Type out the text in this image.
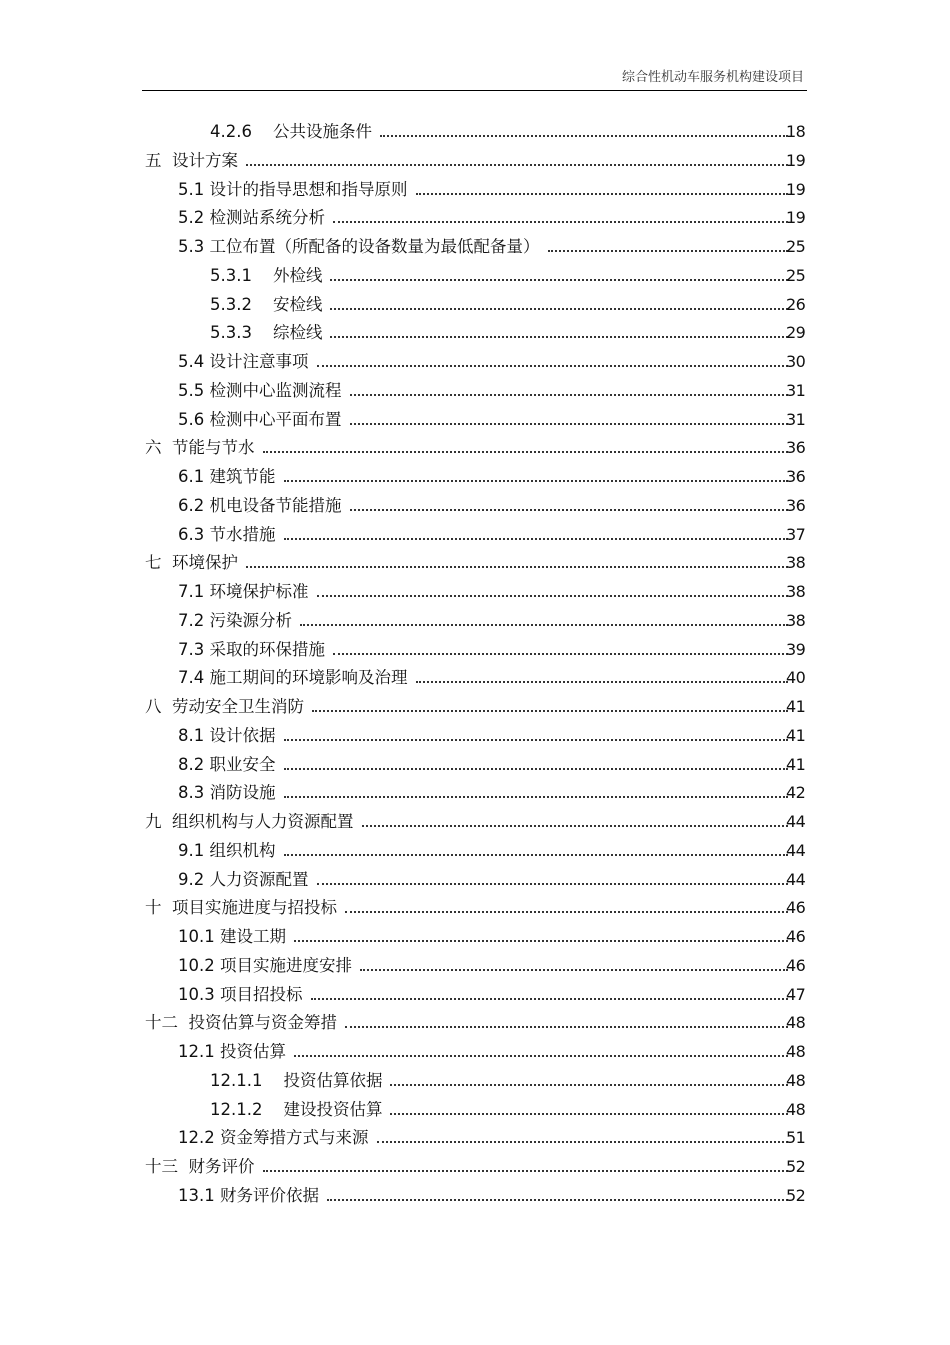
综合性机动车服务机构建设项目
4.2.6 公共设施条件	18
五 设计方案	19
5.1 设计的指导思想和指导原则	19
5.2 检测站系统分析	19
5.3 工位布置（所配备的设备数量为最低配备量）	25
5.3.1 外检线	25
5.3.2 安检线	26
5.3.3 综检线	29
5.4 设计注意事项	30
5.5 检测中心监测流程	31
5.6 检测中心平面布置	31
六 节能与节水	36
6.1 建筑节能	36
6.2 机电设备节能措施	36
6.3 节水措施	37
七 环境保护	38
7.1 环境保护标准	38
7.2 污染源分析	38
7.3 采取的环保措施	39
7.4 施工期间的环境影响及治理	40
八 劳动安全卫生消防	41
8.1 设计依据	41
8.2 职业安全	41
8.3 消防设施	42
九 组织机构与人力资源配置	44
9.1 组织机构	44
9.2 人力资源配置	44
十 项目实施进度与招投标	46
10.1 建设工期	46
10.2 项目实施进度安排	46
10.3 项目招投标	47
十二 投资估算与资金筹措	48
12.1 投资估算	48
12.1.1 投资估算依据	48
12.1.2 建设投资估算	48
12.2 资金筹措方式与来源	51
十三 财务评价	52
13.1 财务评价依据	52
